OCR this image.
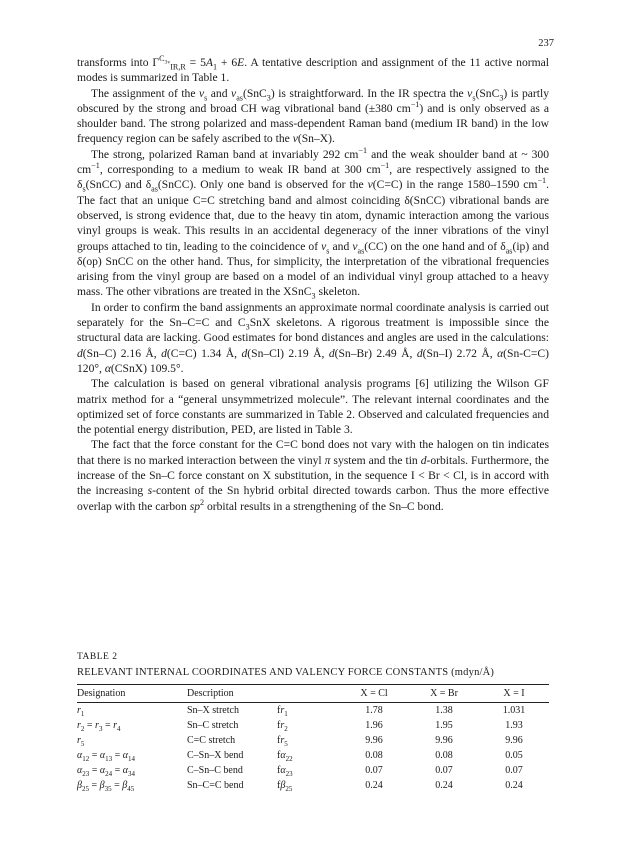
237

transforms into $\Gamma^{C_{3v}}_{IR,R} = 5A_1 + 6E$. A tentative description and assignment of the 11 active normal modes is summarized in Table 1.

The assignment of the $\nu_s$ and $\nu_{as}(SnC_3)$ is straightforward. In the IR spectra the $\nu_s(SnC_3)$ is partly obscured by the strong and broad CH wag vibrational band (±380 $cm^{-1}$) and is only observed as a shoulder band. The strong polarized and mass-dependent Raman band (medium IR band) in the low frequency region can be safely ascribed to the ν(Sn–X).

The strong, polarized Raman band at invariably 292 $cm^{-1}$ and the weak shoulder band at ~ 300 $cm^{-1}$, corresponding to a medium to weak IR band at 300 $cm^{-1}$, are respectively assigned to the $\delta_s(SnCC)$ and $\delta_{as}(SnCC)$. Only one band is observed for the ν(C=C) in the range 1580–1590 $cm^{-1}$. The fact that an unique C=C stretching band and almost coinciding δ(SnCC) vibrational bands are observed, is strong evidence that, due to the heavy tin atom, dynamic interaction among the various vinyl groups is weak. This results in an accidental degeneracy of the inner vibrations of the vinyl groups attached to tin, leading to the coincidence of $\nu_s$ and $\nu_{as}(CC)$ on the one hand and of $\delta_{as}(ip)$ and δ(op) SnCC on the other hand. Thus, for simplicity, the interpretation of the vibrational frequencies arising from the vinyl group are based on a model of an individual vinyl group attached to a heavy mass. The other vibrations are treated in the XSnC$_3$ skeleton.

In order to confirm the band assignments an approximate normal coordinate analysis is carried out separately for the Sn–C=C and $C_3SnX$ skeletons. A rigorous treatment is impossible since the structural data are lacking. Good estimates for bond distances and angles are used in the calculations: d(Sn–C) 2.16 Å, d(C=C) 1.34 Å, d(Sn–Cl) 2.19 Å, d(Sn–Br) 2.49 Å, d(Sn–I) 2.72 Å, α(Sn-C=C) 120°, α(CSnX) 109.5°.

The calculation is based on general vibrational analysis programs [6] utilizing the Wilson GF matrix method for a “general unsymmetrized molecule”. The relevant internal coordinates and the optimized set of force constants are summarized in Table 2. Observed and calculated frequencies and the potential energy distribution, PED, are listed in Table 3.

The fact that the force constant for the C=C bond does not vary with the halogen on tin indicates that there is no marked interaction between the vinyl π system and the tin d-orbitals. Furthermore, the increase of the Sn–C force constant on X substitution, in the sequence I < Br < Cl, is in accord with the increasing s-content of the Sn hybrid orbital directed towards carbon. Thus the more effective overlap with the carbon $sp^2$ orbital results in a strengthening of the Sn–C bond.

TABLE 2
RELEVANT INTERNAL COORDINATES AND VALENCY FORCE CONSTANTS (mdyn/Å)
Designation	Description		X = Cl	X = Br	X = I
$r_1$	Sn–X stretch	$fr_1$	1.78	1.38	1.031
$r_2 = r_3 = r_4$	Sn–C stretch	$fr_2$	1.96	1.95	1.93
$r_5$	C=C stretch	$fr_5$	9.96	9.96	9.96
$\alpha_{12} = \alpha_{13} = \alpha_{14}$	C–Sn–X bend	$f\alpha_{22}$	0.08	0.08	0.05
$\alpha_{23} = \alpha_{24} = \alpha_{34}$	C–Sn–C bend	$f\alpha_{23}$	0.07	0.07	0.07
$\beta_{25} = \beta_{35} = \beta_{45}$	Sn–C=C bend	$f\beta_{25}$	0.24	0.24	0.24
